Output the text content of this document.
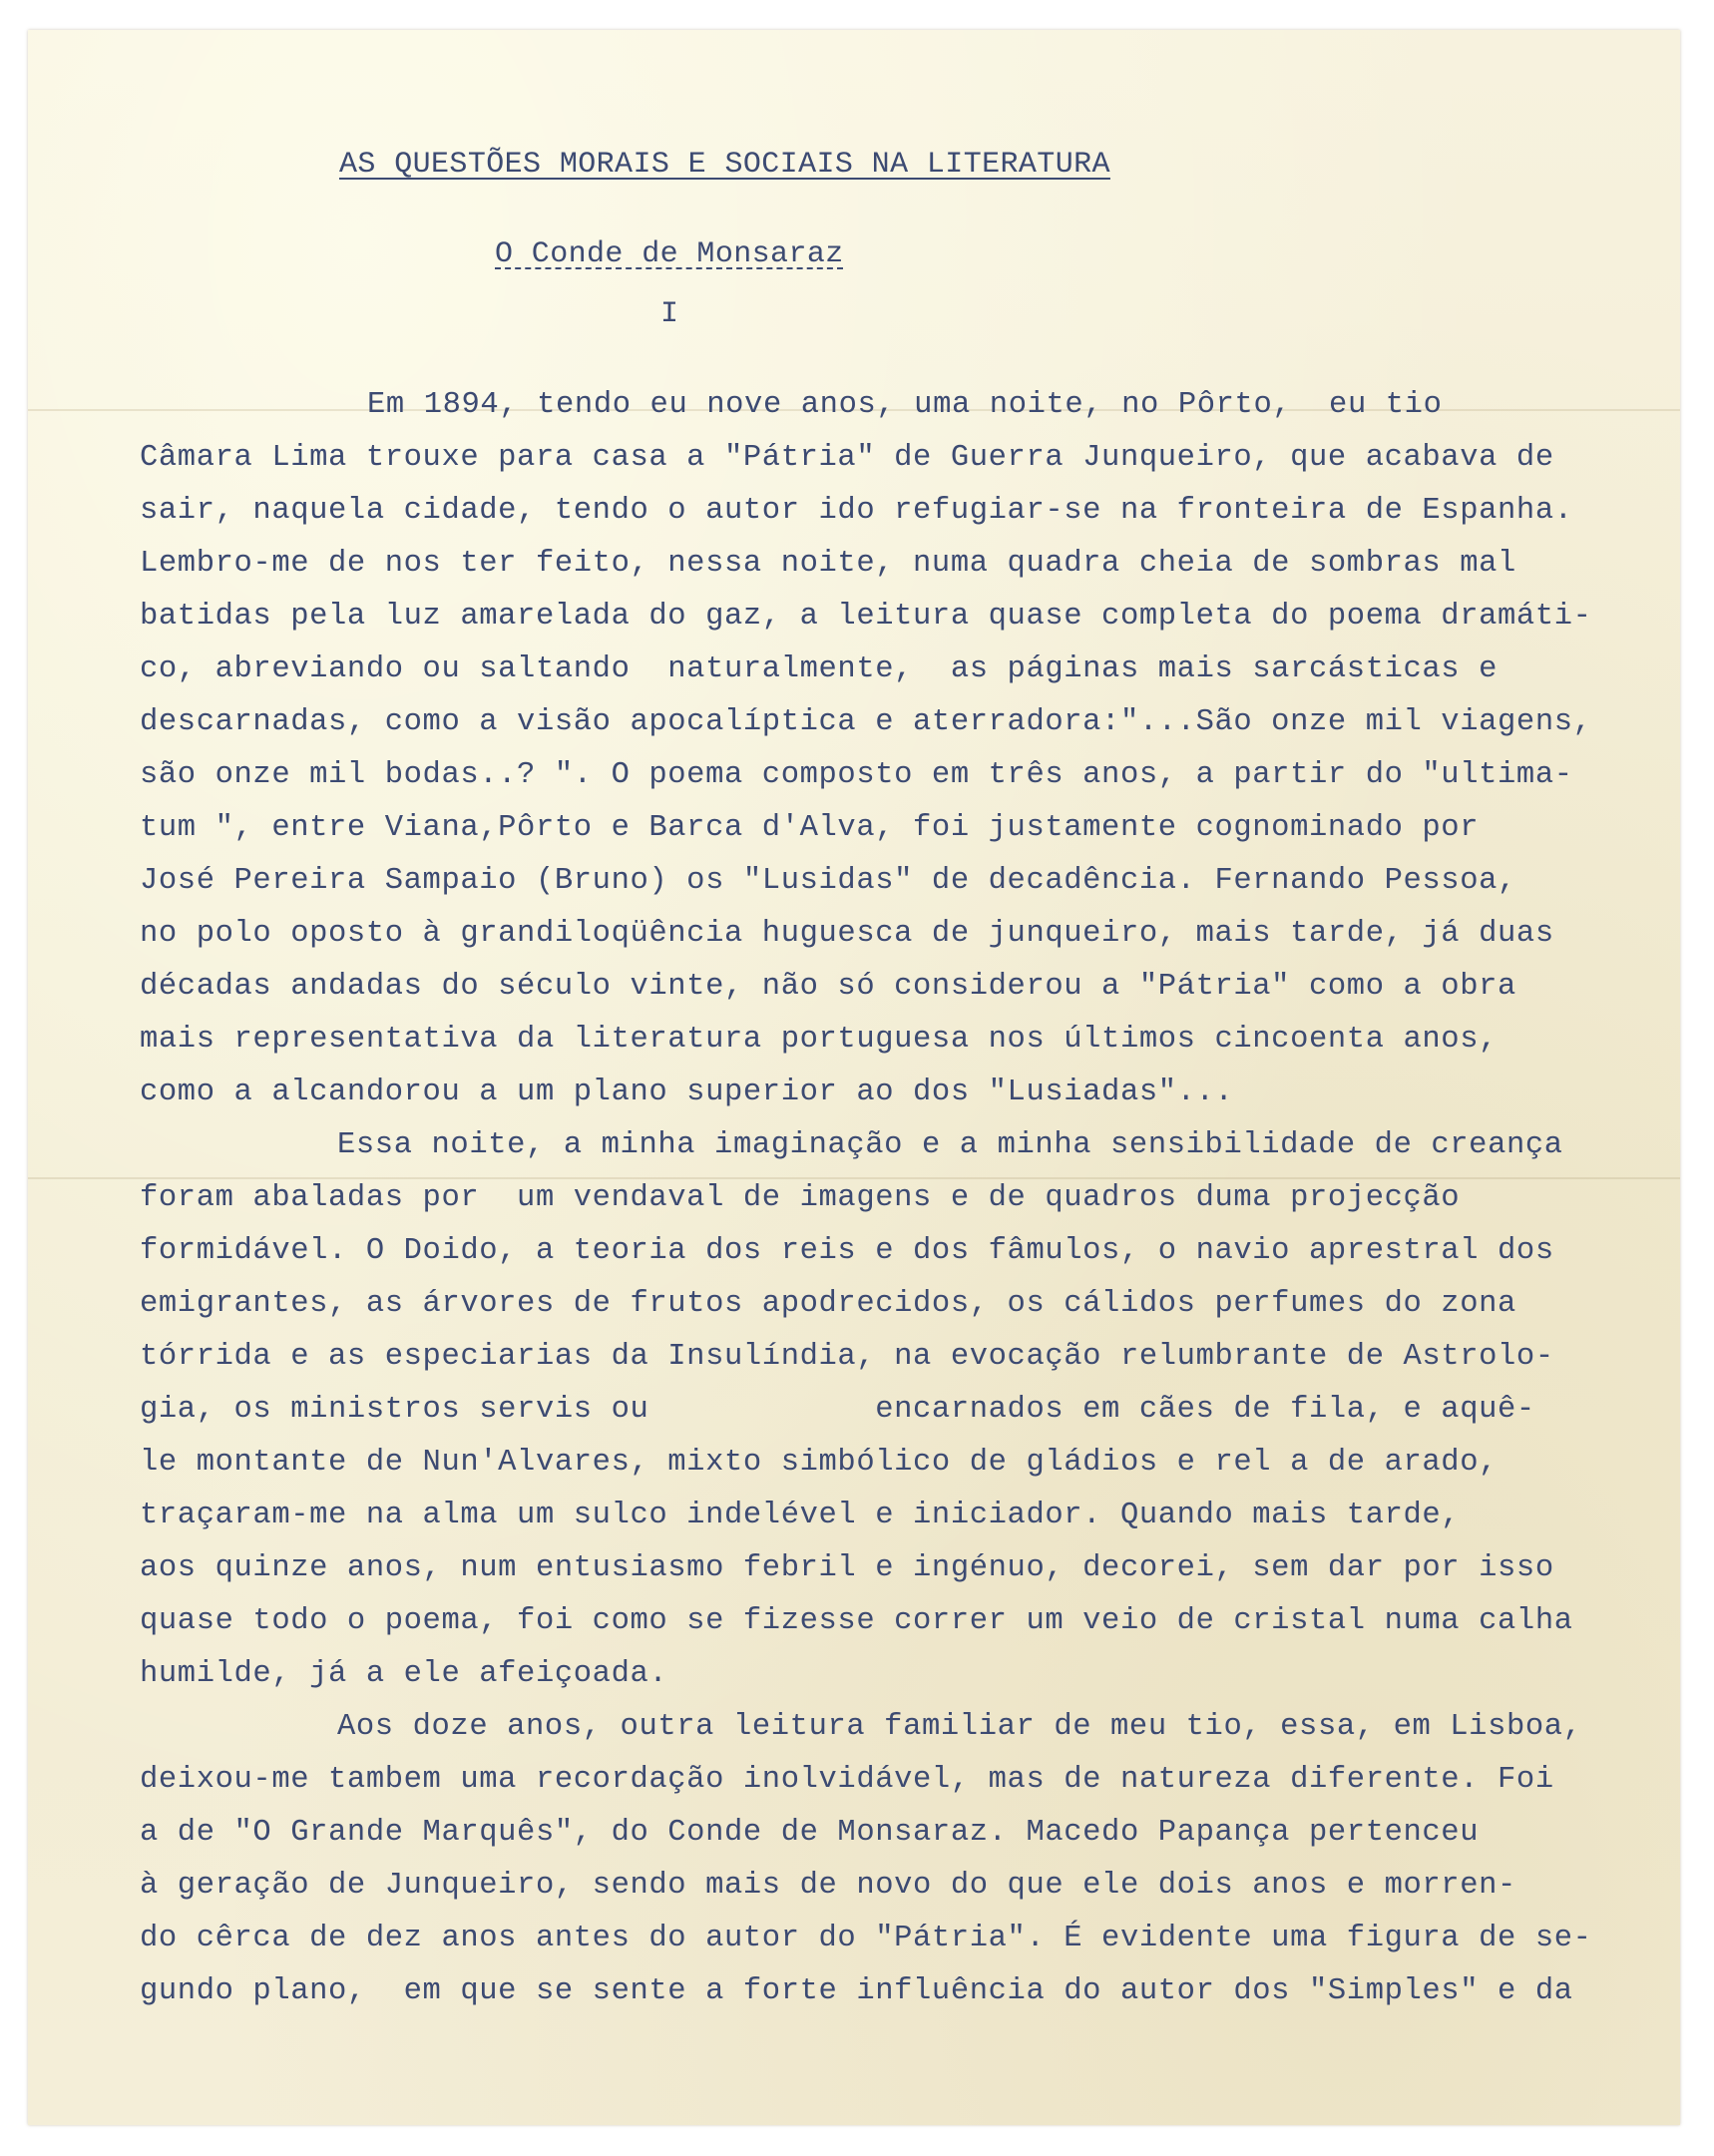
AS QUESTÕES MORAIS E SOCIAIS NA LITERATURA
O Conde de Monsaraz
I
Em 1894, tendo eu nove anos, uma noite, no Pôrto,  eu tio
Câmara Lima trouxe para casa a "Pátria" de Guerra Junqueiro, que acabava de
sair, naquela cidade, tendo o autor ido refugiar-se na fronteira de Espanha.
Lembro-me de nos ter feito, nessa noite, numa quadra cheia de sombras mal
batidas pela luz amarelada do gaz, a leitura quase completa do poema dramáti-
co, abreviando ou saltando  naturalmente,  as páginas mais sarcásticas e
descarnadas, como a visão apocalíptica e aterradora:"...São onze mil viagens,
são onze mil bodas..? ". O poema composto em três anos, a partir do "ultima-
tum ", entre Viana,Pôrto e Barca d'Alva, foi justamente cognominado por
José Pereira Sampaio (Bruno) os "Lusidas" de decadência. Fernando Pessoa,
no polo oposto à grandiloqüência huguesca de junqueiro, mais tarde, já duas
décadas andadas do século vinte, não só considerou a "Pátria" como a obra
mais representativa da literatura portuguesa nos últimos cincoenta anos,
como a alcandorou a um plano superior ao dos "Lusiadas"...
Essa noite, a minha imaginação e a minha sensibilidade de creança
foram abaladas por  um vendaval de imagens e de quadros duma projecção
formidável. O Doido, a teoria dos reis e dos fâmulos, o navio aprestral dos
emigrantes, as árvores de frutos apodrecidos, os cálidos perfumes do zona
tórrida e as especiarias da Insulíndia, na evocação relumbrante de Astrolo-
gia, os ministros servis ou            encarnados em cães de fila, e aquê-
le montante de Nun'Alvares, mixto simbólico de gládios e rel a de arado,
traçaram-me na alma um sulco indelével e iniciador. Quando mais tarde,
aos quinze anos, num entusiasmo febril e ingénuo, decorei, sem dar por isso
quase todo o poema, foi como se fizesse correr um veio de cristal numa calha
humilde, já a ele afeiçoada.
Aos doze anos, outra leitura familiar de meu tio, essa, em Lisboa,
deixou-me tambem uma recordação inolvidável, mas de natureza diferente. Foi
a de "O Grande Marquês", do Conde de Monsaraz. Macedo Papança pertenceu
à geração de Junqueiro, sendo mais de novo do que ele dois anos e morren-
do cêrca de dez anos antes do autor do "Pátria". É evidente uma figura de se-
gundo plano,  em que se sente a forte influência do autor dos "Simples" e da
